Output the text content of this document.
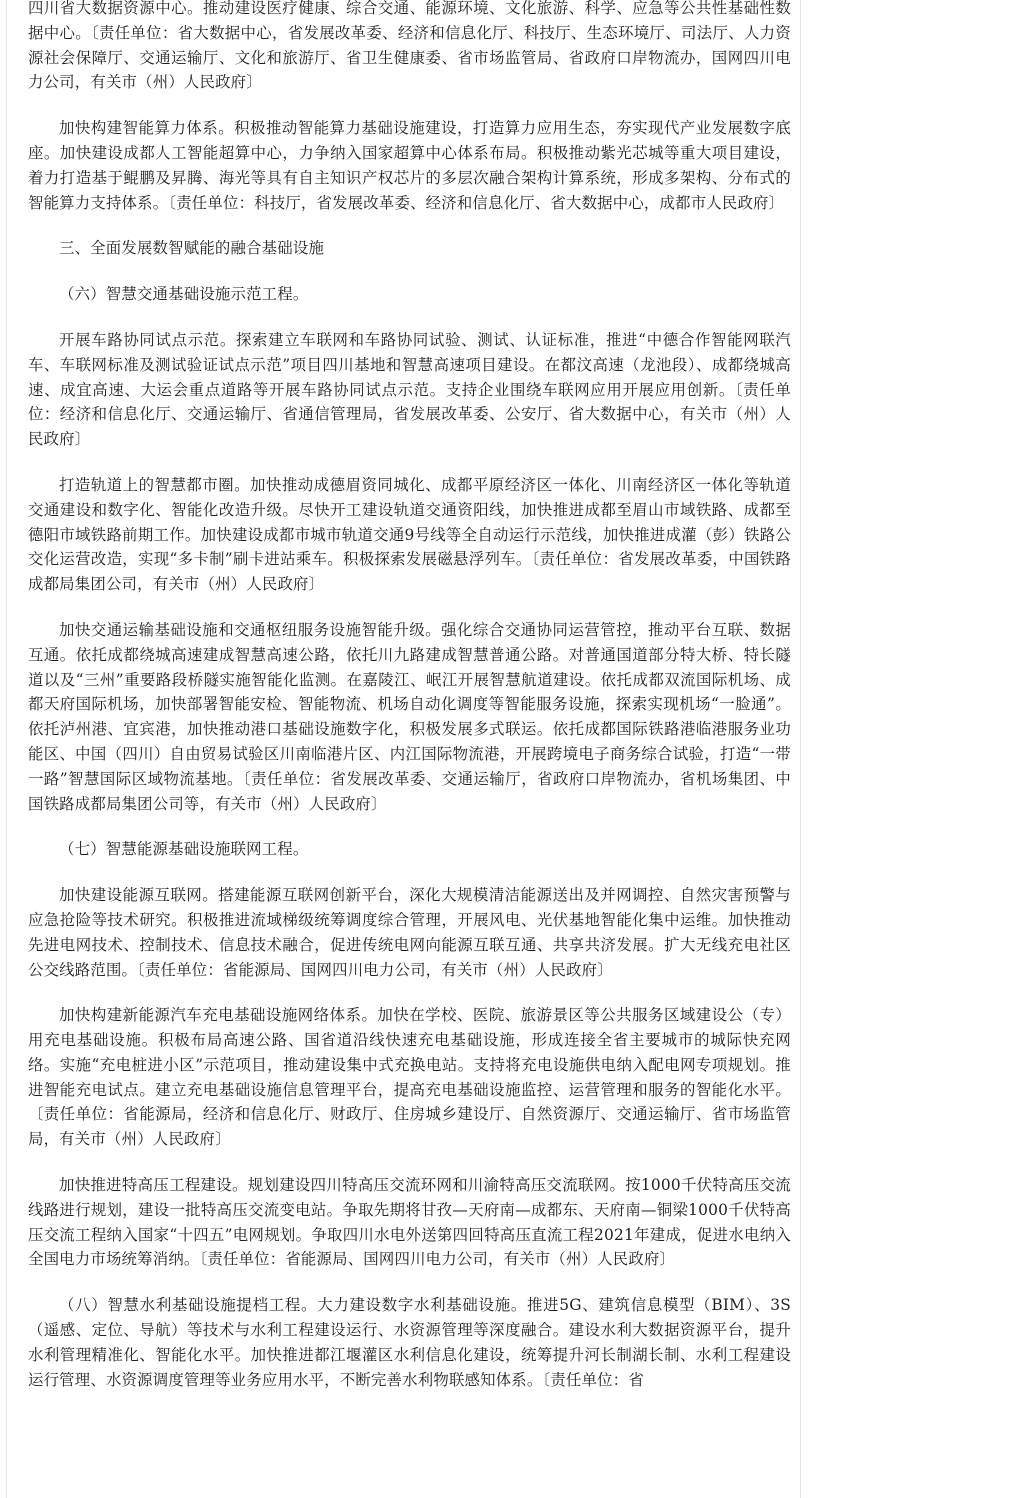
四川省大数据资源中心。推动建设医疗健康、综合交通、能源环境、文化旅游、科学、应急等公共性基础性数据中心。〔责任单位：省大数据中心，省发展改革委、经济和信息化厅、科技厅、生态环境厅、司法厅、人力资源社会保障厅、交通运输厅、文化和旅游厅、省卫生健康委、省市场监管局、省政府口岸物流办，国网四川电力公司，有关市（州）人民政府〕

加快构建智能算力体系。积极推动智能算力基础设施建设，打造算力应用生态，夯实现代产业发展数字底座。加快建设成都人工智能超算中心，力争纳入国家超算中心体系布局。积极推动紫光芯城等重大项目建设，着力打造基于鲲鹏及昇腾、海光等具有自主知识产权芯片的多层次融合架构计算系统，形成多架构、分布式的智能算力支持体系。〔责任单位：科技厅，省发展改革委、经济和信息化厅、省大数据中心，成都市人民政府〕

三、全面发展数智赋能的融合基础设施

（六）智慧交通基础设施示范工程。

开展车路协同试点示范。探索建立车联网和车路协同试验、测试、认证标准，推进“中德合作智能网联汽车、车联网标准及测试验证试点示范”项目四川基地和智慧高速项目建设。在都汶高速（龙池段）、成都绕城高速、成宜高速、大运会重点道路等开展车路协同试点示范。支持企业围绕车联网应用开展应用创新。〔责任单位：经济和信息化厅、交通运输厅、省通信管理局，省发展改革委、公安厅、省大数据中心，有关市（州）人民政府〕

打造轨道上的智慧都市圈。加快推动成德眉资同城化、成都平原经济区一体化、川南经济区一体化等轨道交通建设和数字化、智能化改造升级。尽快开工建设轨道交通资阳线，加快推进成都至眉山市域铁路、成都至德阳市域铁路前期工作。加快建设成都市城市轨道交通9号线等全自动运行示范线，加快推进成灌（彭）铁路公交化运营改造，实现“多卡制”刷卡进站乘车。积极探索发展磁悬浮列车。〔责任单位：省发展改革委，中国铁路成都局集团公司，有关市（州）人民政府〕

加快交通运输基础设施和交通枢纽服务设施智能升级。强化综合交通协同运营管控，推动平台互联、数据互通。依托成都绕城高速建成智慧高速公路，依托川九路建成智慧普通公路。对普通国道部分特大桥、特长隧道以及“三州”重要路段桥隧实施智能化监测。在嘉陵江、岷江开展智慧航道建设。依托成都双流国际机场、成都天府国际机场，加快部署智能安检、智能物流、机场自动化调度等智能服务设施，探索实现机场“一脸通”。依托泸州港、宜宾港，加快推动港口基础设施数字化，积极发展多式联运。依托成都国际铁路港临港服务业功能区、中国（四川）自由贸易试验区川南临港片区、内江国际物流港，开展跨境电子商务综合试验，打造“一带一路”智慧国际区域物流基地。〔责任单位：省发展改革委、交通运输厅，省政府口岸物流办，省机场集团、中国铁路成都局集团公司等，有关市（州）人民政府〕

（七）智慧能源基础设施联网工程。

加快建设能源互联网。搭建能源互联网创新平台，深化大规模清洁能源送出及并网调控、自然灾害预警与应急抢险等技术研究。积极推进流域梯级统筹调度综合管理，开展风电、光伏基地智能化集中运维。加快推动先进电网技术、控制技术、信息技术融合，促进传统电网向能源互联互通、共享共济发展。扩大无线充电社区公交线路范围。〔责任单位：省能源局、国网四川电力公司，有关市（州）人民政府〕

加快构建新能源汽车充电基础设施网络体系。加快在学校、医院、旅游景区等公共服务区域建设公（专）用充电基础设施。积极布局高速公路、国省道沿线快速充电基础设施，形成连接全省主要城市的城际快充网络。实施“充电桩进小区”示范项目，推动建设集中式充换电站。支持将充电设施供电纳入配电网专项规划。推进智能充电试点。建立充电基础设施信息管理平台，提高充电基础设施监控、运营管理和服务的智能化水平。〔责任单位：省能源局，经济和信息化厅、财政厅、住房城乡建设厅、自然资源厅、交通运输厅、省市场监管局，有关市（州）人民政府〕

加快推进特高压工程建设。规划建设四川特高压交流环网和川渝特高压交流联网。按1000千伏特高压交流线路进行规划，建设一批特高压交流变电站。争取先期将甘孜—天府南—成都东、天府南—铜梁1000千伏特高压交流工程纳入国家“十四五”电网规划。争取四川水电外送第四回特高压直流工程2021年建成，促进水电纳入全国电力市场统筹消纳。〔责任单位：省能源局、国网四川电力公司，有关市（州）人民政府〕

（八）智慧水利基础设施提档工程。大力建设数字水利基础设施。推进5G、建筑信息模型（BIM）、3S（遥感、定位、导航）等技术与水利工程建设运行、水资源管理等深度融合。建设水利大数据资源平台，提升水利管理精准化、智能化水平。加快推进都江堰灌区水利信息化建设，统筹提升河长制湖长制、水利工程建设运行管理、水资源调度管理等业务应用水平，不断完善水利物联感知体系。〔责任单位：省
